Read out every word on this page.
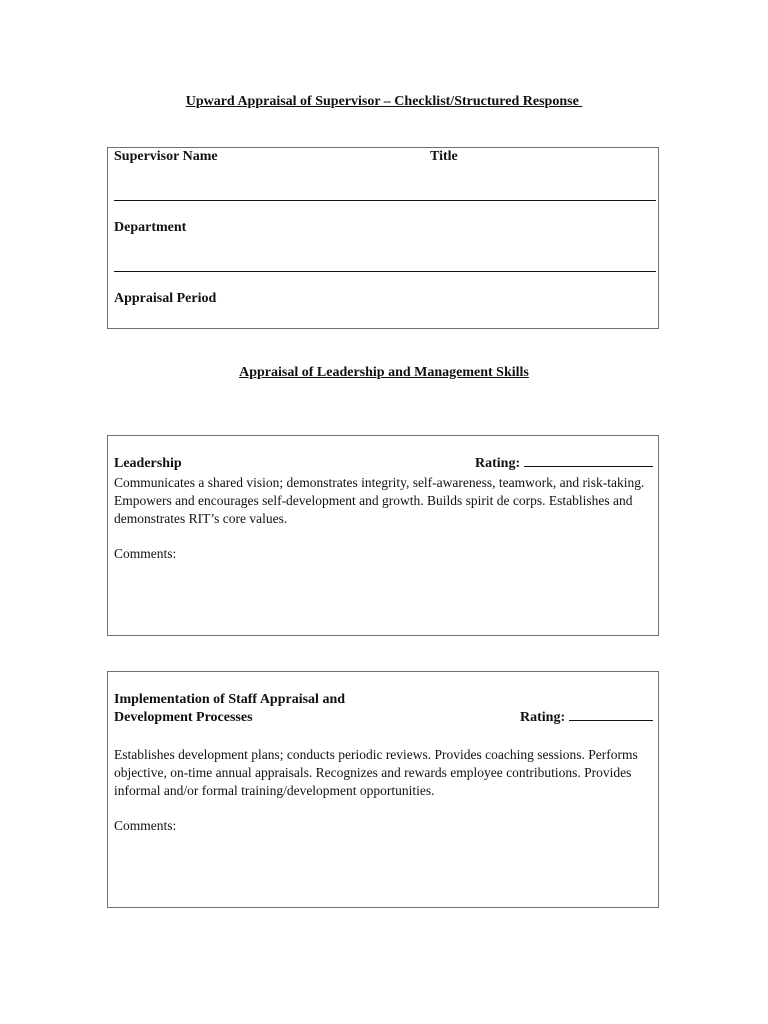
Upward Appraisal of Supervisor – Checklist/Structured Response
Supervisor Name	Title
Department
Appraisal Period
Appraisal of Leadership and Management Skills
Leadership	Rating:
Communicates a shared vision; demonstrates integrity, self-awareness, teamwork, and risk-taking. Empowers and encourages self-development and growth. Builds spirit de corps. Establishes and demonstrates RIT’s core values.
Comments:
Implementation of Staff Appraisal and
Development Processes	Rating:
Establishes development plans; conducts periodic reviews. Provides coaching sessions. Performs objective, on-time annual appraisals. Recognizes and rewards employee contributions. Provides informal and/or formal training/development opportunities.
Comments:
